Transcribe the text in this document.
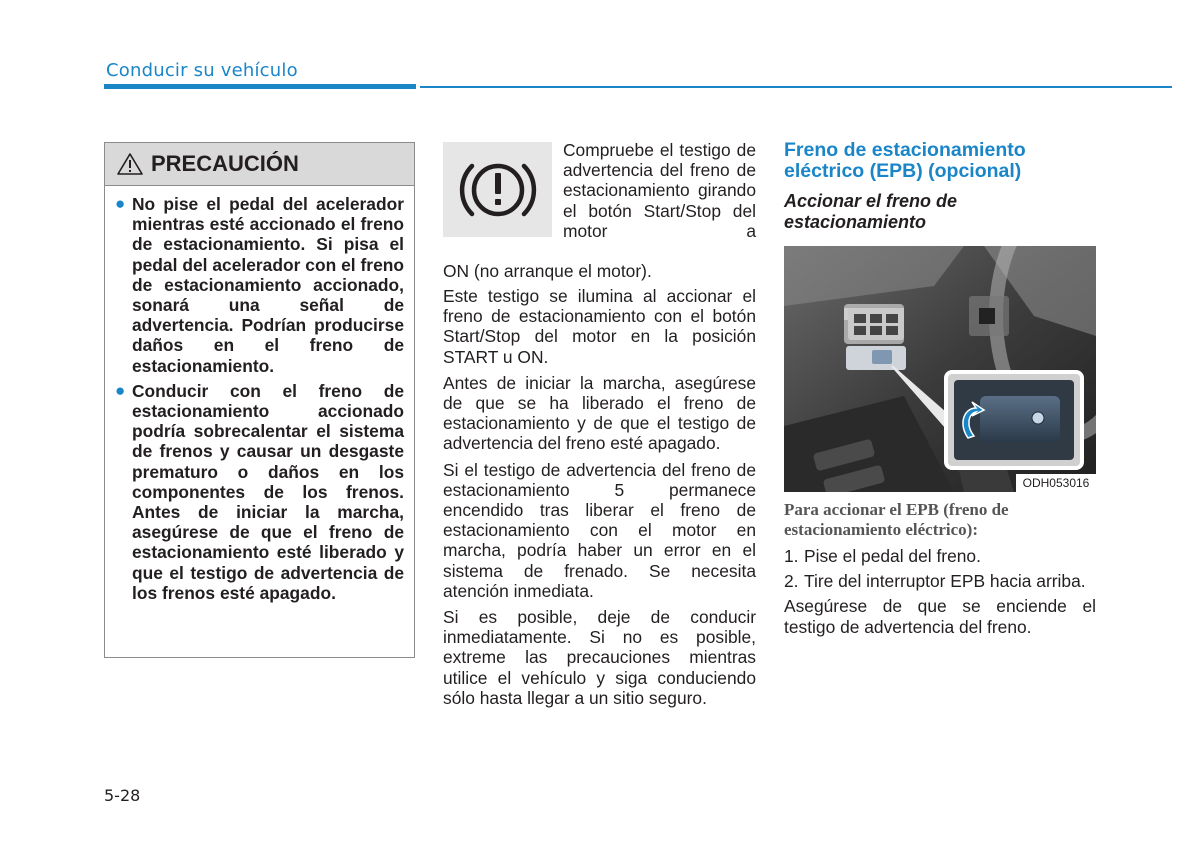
Conducir su vehículo
PRECAUCIÓN
● No pise el pedal del acelerador mientras esté accionado el freno de estacionamiento. Si pisa el pedal del acelerador con el freno de estacionamiento accionado, sonará una señal de advertencia. Podrían producirse daños en el freno de estacionamiento.
● Conducir con el freno de estacionamiento accionado podría sobrecalentar el sistema de frenos y causar un desgaste prematuro o daños en los componentes de los frenos. Antes de iniciar la marcha, asegúrese de que el freno de estacionamiento esté liberado y que el testigo de advertencia de los frenos esté apagado.
Compruebe el testigo de advertencia del freno de estacionamiento girando el botón Start/Stop del motor a
ON (no arranque el motor).

Este testigo se ilumina al accionar el freno de estacionamiento con el botón Start/Stop del motor en la posición START u ON.

Antes de iniciar la marcha, asegúrese de que se ha liberado el freno de estacionamiento y de que el testigo de advertencia del freno esté apagado.

Si el testigo de advertencia del freno de estacionamiento 5 permanece encendido tras liberar el freno de estacionamiento con el motor en marcha, podría haber un error en el sistema de frenado. Se necesita atención inmediata.

Si es posible, deje de conducir inmediatamente. Si no es posible, extreme las precauciones mientras utilice el vehículo y siga conduciendo sólo hasta llegar a un sitio seguro.

Freno de estacionamiento eléctrico (EPB) (opcional)
Accionar el freno de estacionamiento
ODH053016
Para accionar el EPB (freno de estacionamiento eléctrico):
1. Pise el pedal del freno.
2. Tire del interruptor EPB hacia arriba.

Asegúrese de que se enciende el testigo de advertencia del freno.

5-28
